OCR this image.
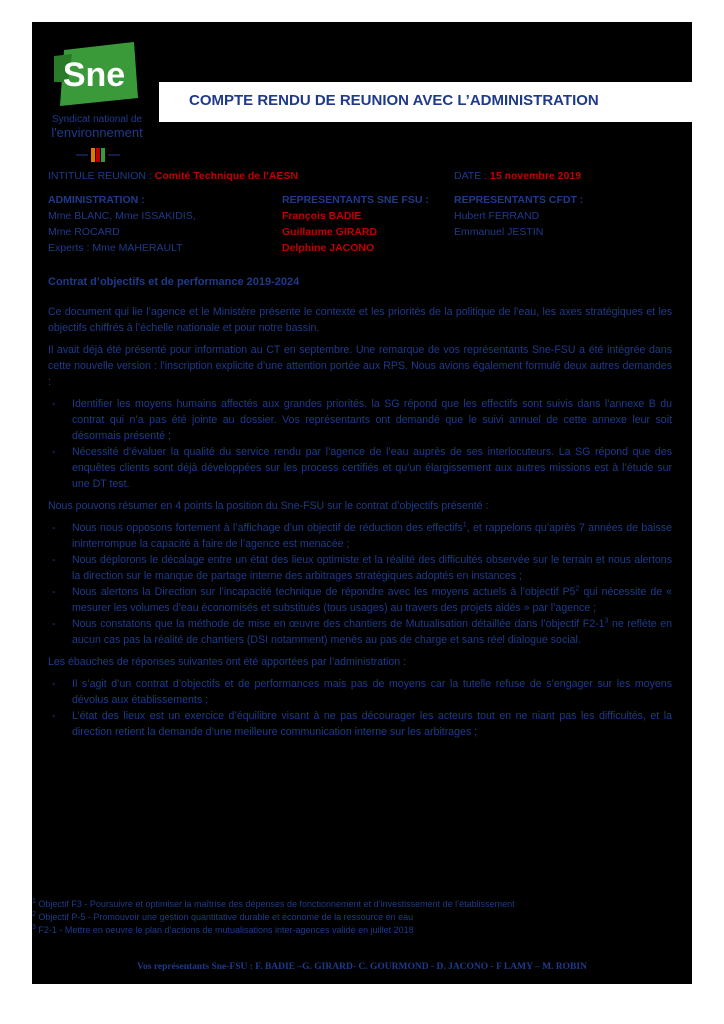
Sne
Syndicat national de
l'environnement
COMPTE RENDU DE REUNION AVEC L’ADMINISTRATION
INTITULE REUNION : Comité Technique de l’AESN	DATE : 15 novembre 2019
ADMINISTRATION :
Mme BLANC, Mme ISSAKIDIS,
Mme ROCARD
Experts : Mme MAHERAULT
REPRESENTANTS SNE FSU :
François BADIE
Guillaume GIRARD
Delphine JACONO
REPRESENTANTS CFDT :
Hubert FERRAND
Emmanuel JESTIN
Contrat d’objectifs et de performance 2019-2024

Ce document qui lie l’agence et le Ministère présente le contexte et les priorités de la politique de l’eau, les axes stratégiques et les objectifs chiffrés à l’échelle nationale et pour notre bassin.

Il avait déjà été présenté pour information au CT en septembre. Une remarque de vos représentants Sne-FSU a été intégrée dans cette nouvelle version : l’inscription explicite d’une attention portée aux RPS. Nous avions également formulé deux autres demandes :

- Identifier les moyens humains affectés aux grandes priorités. la SG répond que les effectifs sont suivis dans l’annexe B du contrat qui n’a pas été jointe au dossier. Vos représentants ont demandé que le suivi annuel de cette annexe leur soit désormais présenté ;
- Nécessité d’évaluer la qualité du service rendu par l’agence de l’eau auprès de ses interlocuteurs. La SG répond que des enquêtes clients sont déjà développées sur les process certifiés et qu’un élargissement aux autres missions est à l’étude sur une DT test.

Nous pouvons résumer en 4 points la position du Sne-FSU sur le contrat d’objectifs présenté :

- Nous nous opposons fortement à l’affichage d’un objectif de réduction des effectifs$^1$, et rappelons qu’après 7 années de baisse ininterrompue la capacité à faire de l’agence est menacée ;
- Nous déplorons le décalage entre un état des lieux optimiste et la réalité des difficultés observée sur le terrain et nous alertons la direction sur le manque de partage interne des arbitrages stratégiques adoptés en instances ;
- Nous alertons la Direction sur l’incapacité technique de répondre avec les moyens actuels à l’objectif $P5^2$ qui nécessite de « mesurer les volumes d’eau économisés et substitués (tous usages) au travers des projets aidés » par l’agence ;
- Nous constatons que la méthode de mise en œuvre des chantiers de Mutualisation détaillée dans l’objectif $F2-1^3$ ne reflète en aucun cas pas la réalité de chantiers (DSI notamment) menés au pas de charge et sans réel dialogue social.

Les ébauches de réponses suivantes ont été apportées par l’administration :

- Il s’agit d’un contrat d’objectifs et de performances mais pas de moyens car la tutelle refuse de s’engager sur les moyens dévolus aux établissements ;
- L’état des lieux est un exercice d’équilibre visant à ne pas décourager les acteurs tout en ne niant pas les difficultés, et la direction retient la demande d’une meilleure communication interne sur les arbitrages ;
$^1$ Objectif F3 - Poursuivre et optimiser la maîtrise des dépenses de fonctionnement et d’investissement de l’établissement
$^2$ Objectif P-5 - Promouvoir une gestion quantitative durable et économe de la ressource en eau
$^3$ F2-1 - Mettre en oeuvre le plan d’actions de mutualisations inter-agences validé en juillet 2018
Vos représentants Sne-FSU : F. BADIE –G. GIRARD- C. GOURMOND - D. JACONO - F LAMY – M. ROBIN
